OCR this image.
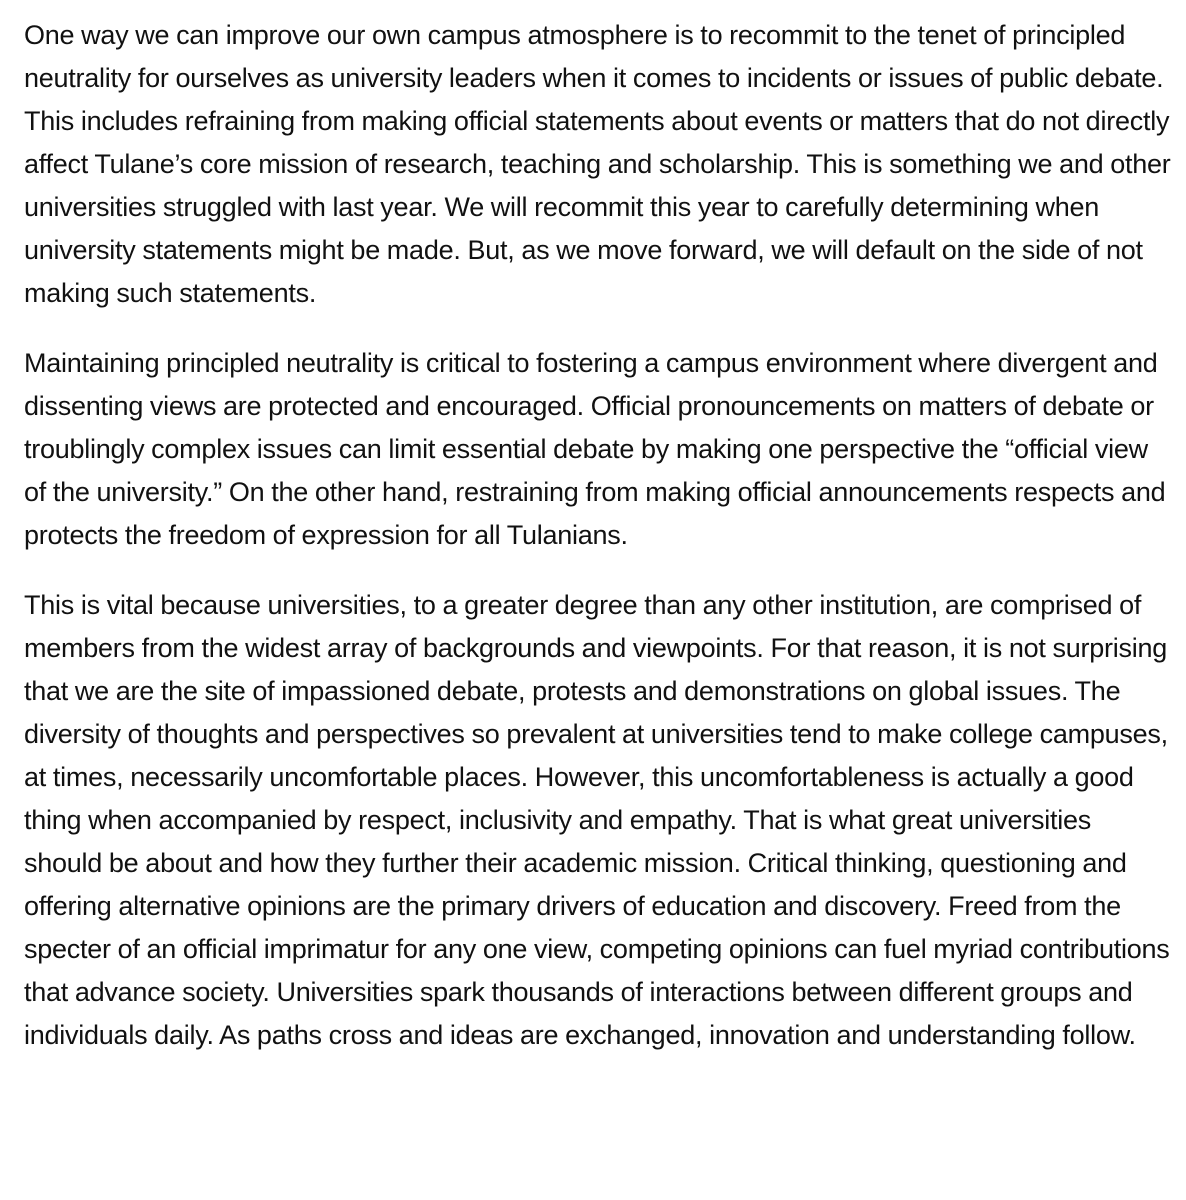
One way we can improve our own campus atmosphere is to recommit to the tenet of principled neutrality for ourselves as university leaders when it comes to incidents or issues of public debate. This includes refraining from making official statements about events or matters that do not directly affect Tulane’s core mission of research, teaching and scholarship. This is something we and other universities struggled with last year. We will recommit this year to carefully determining when university statements might be made. But, as we move forward, we will default on the side of not making such statements.

Maintaining principled neutrality is critical to fostering a campus environment where divergent and dissenting views are protected and encouraged. Official pronouncements on matters of debate or troublingly complex issues can limit essential debate by making one perspective the “official view of the university.” On the other hand, restraining from making official announcements respects and protects the freedom of expression for all Tulanians.

This is vital because universities, to a greater degree than any other institution, are comprised of members from the widest array of backgrounds and viewpoints. For that reason, it is not surprising that we are the site of impassioned debate, protests and demonstrations on global issues. The diversity of thoughts and perspectives so prevalent at universities tend to make college campuses, at times, necessarily uncomfortable places. However, this uncomfortableness is actually a good thing when accompanied by respect, inclusivity and empathy. That is what great universities should be about and how they further their academic mission. Critical thinking, questioning and offering alternative opinions are the primary drivers of education and discovery. Freed from the specter of an official imprimatur for any one view, competing opinions can fuel myriad contributions that advance society. Universities spark thousands of interactions between different groups and individuals daily. As paths cross and ideas are exchanged, innovation and understanding follow.
